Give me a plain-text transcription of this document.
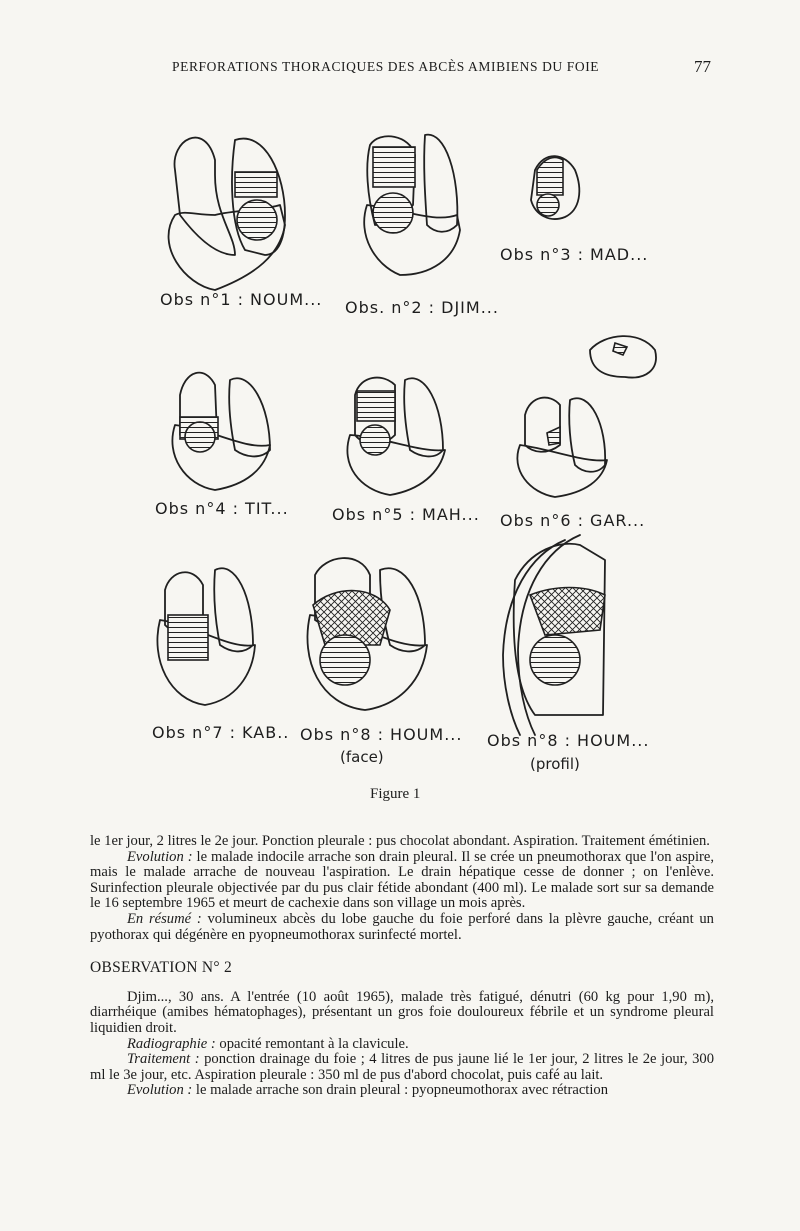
PERFORATIONS THORACIQUES DES ABCÈS AMIBIENS DU FOIE	77
Obs n°1 : NOUM... Obs. n°2 : DJIM...
Obs n°3 : MAD...
Obs n°4 : TIT...	Obs n°5 : MAH... Obs n°6 : GAR...
Obs n°7 : KAB.. Obs n°8 : HOUM...
(face)
Obs n°8 : HOUM...
(profil)
Figure 1

le 1er jour, 2 litres le 2e jour. Ponction pleurale : pus chocolat abondant. Aspiration. Traitement émétinien.

Evolution : le malade indocile arrache son drain pleural. Il se crée un pneumothorax que l'on aspire, mais le malade arrache de nouveau l'aspiration. Le drain hépatique cesse de donner ; on l'enlève. Surinfection pleurale objectivée par du pus clair fétide abondant (400 ml). Le malade sort sur sa demande le 16 septembre 1965 et meurt de cachexie dans son village un mois après.

En résumé : volumineux abcès du lobe gauche du foie perforé dans la plèvre gauche, créant un pyothorax qui dégénère en pyopneumothorax surinfecté mortel.

OBSERVATION N° 2

Djim..., 30 ans. A l'entrée (10 août 1965), malade très fatigué, dénutri (60 kg pour 1,90 m), diarrhéique (amibes hématophages), présentant un gros foie douloureux fébrile et un syndrome pleural liquidien droit.

Radiographie : opacité remontant à la clavicule.

Traitement : ponction drainage du foie ; 4 litres de pus jaune lié le 1er jour, 2 litres le 2e jour, 300 ml le 3e jour, etc. Aspiration pleurale : 350 ml de pus d'abord chocolat, puis café au lait.

Evolution : le malade arrache son drain pleural : pyopneumothorax avec rétraction
